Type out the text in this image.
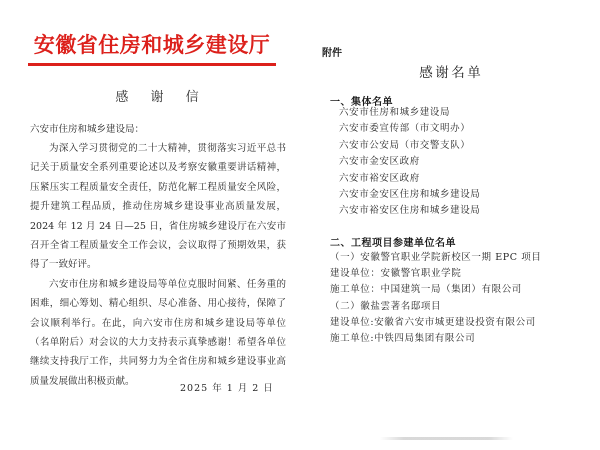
安徽省住房和城乡建设厅
感 谢 信
六安市住房和城乡建设局：

为深入学习贯彻党的二十大精神，贯彻落实习近平总书记关于质量安全系列重要论述以及考察安徽重要讲话精神，压紧压实工程质量安全责任，防范化解工程质量安全风险，提升建筑工程品质，推动住房城乡建设事业高质量发展，2024 年 12 月 24 日—25 日，省住房城乡建设厅在六安市召开全省工程质量安全工作会议，会议取得了预期效果，获得了一致好评。

六安市住房和城乡建设局等单位克服时间紧、任务重的困难，细心筹划、精心组织、尽心准备、用心接待，保障了会议顺利举行。在此，向六安市住房和城乡建设局等单位（名单附后）对会议的大力支持表示真挚感谢！希望各单位继续支持我厅工作，共同努力为全省住房和城乡建设事业高质量发展做出积极贡献。

2025 年 1 月 2 日
附件
感谢名单
一、集体名单
六安市住房和城乡建设局
六安市委宣传部（市文明办）
六安市公安局（市交警支队）
六安市金安区政府
六安市裕安区政府
六安市金安区住房和城乡建设局
六安市裕安区住房和城乡建设局
二、工程项目参建单位名单
（一）安徽警官职业学院新校区一期 EPC 项目
建设单位：安徽警官职业学院
施工单位：中国建筑一局（集团）有限公司
（二）徽盐雲著名邸项目
建设单位:安徽省六安市城更建设投资有限公司
施工单位:中铁四局集团有限公司
